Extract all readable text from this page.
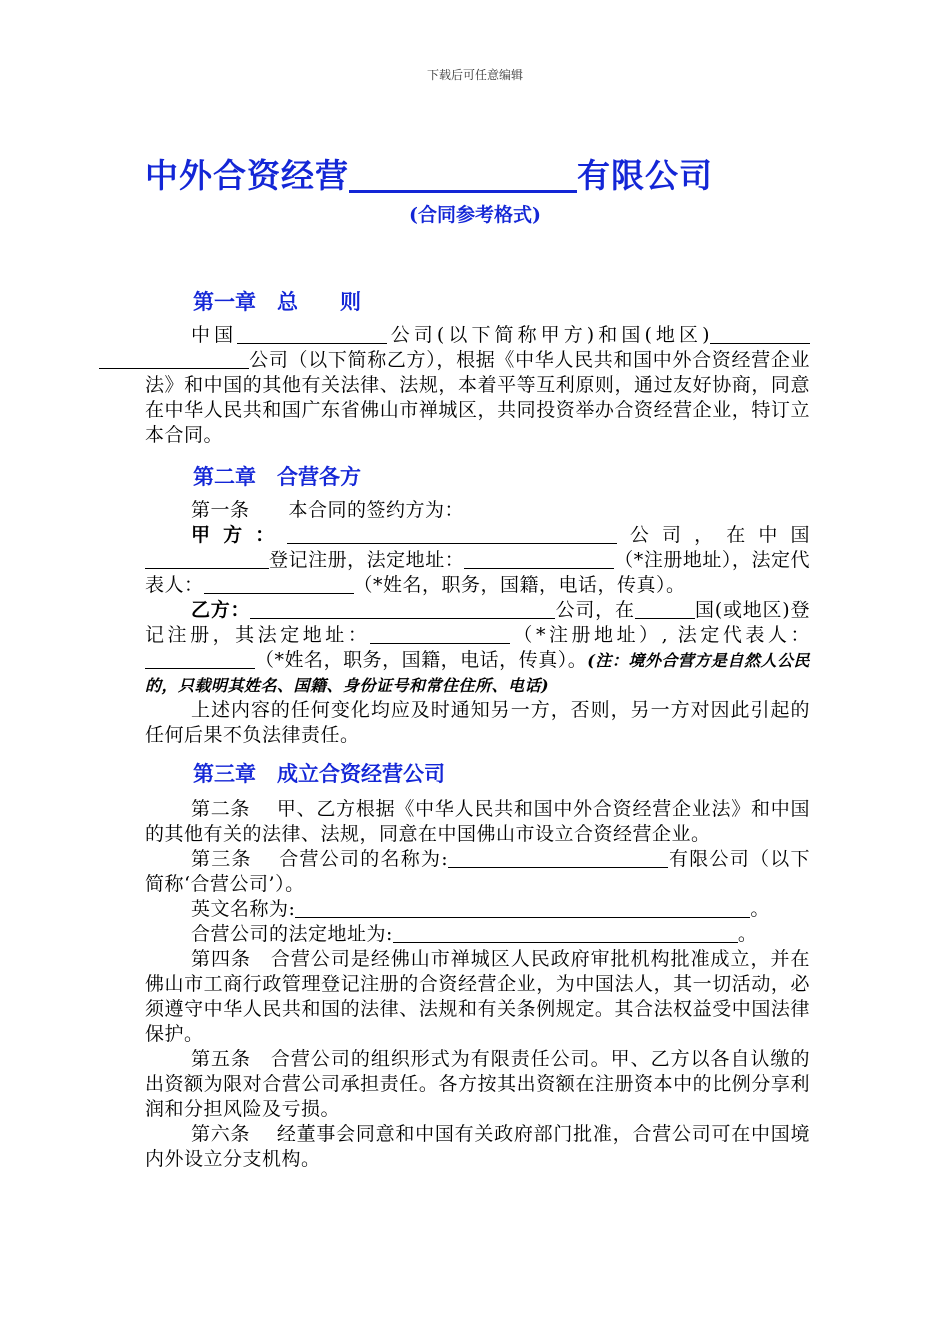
下载后可任意编辑
中外合资经营	有限公司
(合同参考格式)
第一章　总　　则

中国	公司(以下简称甲方)和国(地区)公司（以下简称乙方），根据《中华人民共和国中外合资经营企业法》和中国的其他有关法律、法规，本着平等互利原则，通过友好协商，同意在中华人民共和国广东省佛山市禅城区，共同投资举办合资经营企业，特订立本合同。

第二章　合营各方

第一条　　本合同的签约方为：

甲方：	公司，在中国登记注册，法定地址：	（*注册地址），法定代表人：	（*姓名，职务，国籍，电话，传真）。

乙方：	公司，在	国(或地区)登记注册，其法定地址：	（*注册地址）, 法定代表人：（*姓名，职务，国籍，电话，传真）。(注：境外合营方是自然人公民的，只载明其姓名、国籍、身份证号和常住住所、电话)

上述内容的任何变化均应及时通知另一方，否则，另一方对因此引起的任何后果不负法律责任。

第三章　成立合资经营公司

第二条　 甲、乙方根据《中华人民共和国中外合资经营企业法》和中国的其他有关的法律、法规，同意在中国佛山市设立合资经营企业。

第三条　 合营公司的名称为:	有限公司（以下简称‘合营公司’）。

英文名称为:	。

合营公司的法定地址为:	。

第四条　合营公司是经佛山市禅城区人民政府审批机构批准成立，并在佛山市工商行政管理登记注册的合资经营企业，为中国法人，其一切活动，必须遵守中华人民共和国的法律、法规和有关条例规定。其合法权益受中国法律保护。

第五条　合营公司的组织形式为有限责任公司。甲、乙方以各自认缴的出资额为限对合营公司承担责任。各方按其出资额在注册资本中的比例分享利润和分担风险及亏损。

第六条　 经董事会同意和中国有关政府部门批准，合营公司可在中国境内外设立分支机构。
